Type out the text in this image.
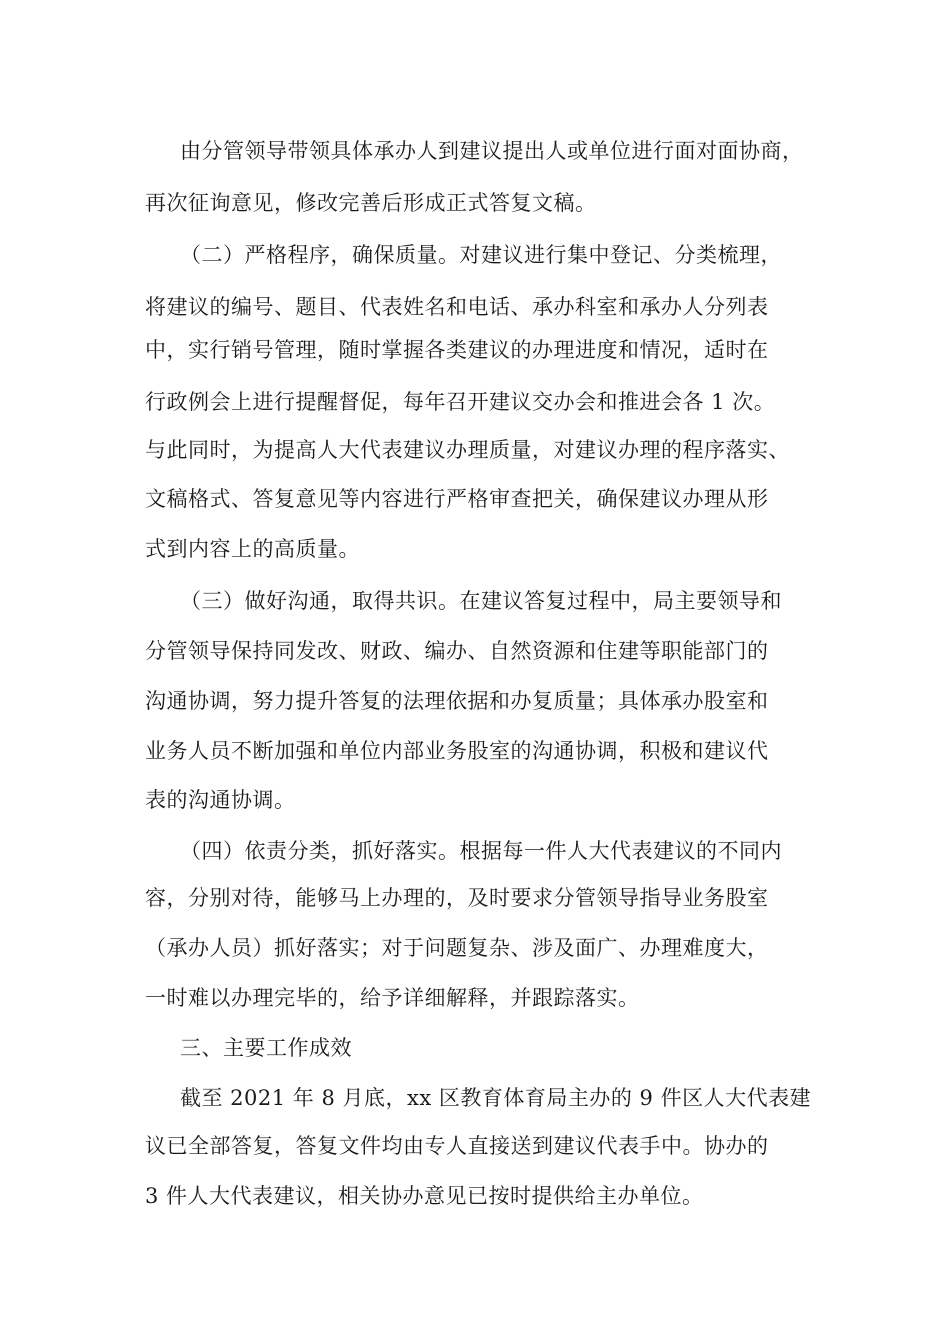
由分管领导带领具体承办人到建议提出人或单位进行面对面协商，
再次征询意见，修改完善后形成正式答复文稿。
（二）严格程序，确保质量。对建议进行集中登记、分类梳理，
将建议的编号、题目、代表姓名和电话、承办科室和承办人分列表
中，实行销号管理，随时掌握各类建议的办理进度和情况，适时在
行政例会上进行提醒督促，每年召开建议交办会和推进会各 1 次。
与此同时，为提高人大代表建议办理质量，对建议办理的程序落实、
文稿格式、答复意见等内容进行严格审查把关，确保建议办理从形
式到内容上的高质量。
（三）做好沟通，取得共识。在建议答复过程中，局主要领导和
分管领导保持同发改、财政、编办、自然资源和住建等职能部门的
沟通协调，努力提升答复的法理依据和办复质量；具体承办股室和
业务人员不断加强和单位内部业务股室的沟通协调，积极和建议代
表的沟通协调。
（四）依责分类，抓好落实。根据每一件人大代表建议的不同内
容，分别对待，能够马上办理的，及时要求分管领导指导业务股室
（承办人员）抓好落实；对于问题复杂、涉及面广、办理难度大，
一时难以办理完毕的，给予详细解释，并跟踪落实。
三、主要工作成效
截至 2021 年 8 月底，xx 区教育体育局主办的 9 件区人大代表建
议已全部答复，答复文件均由专人直接送到建议代表手中。协办的
3 件人大代表建议，相关协办意见已按时提供给主办单位。
